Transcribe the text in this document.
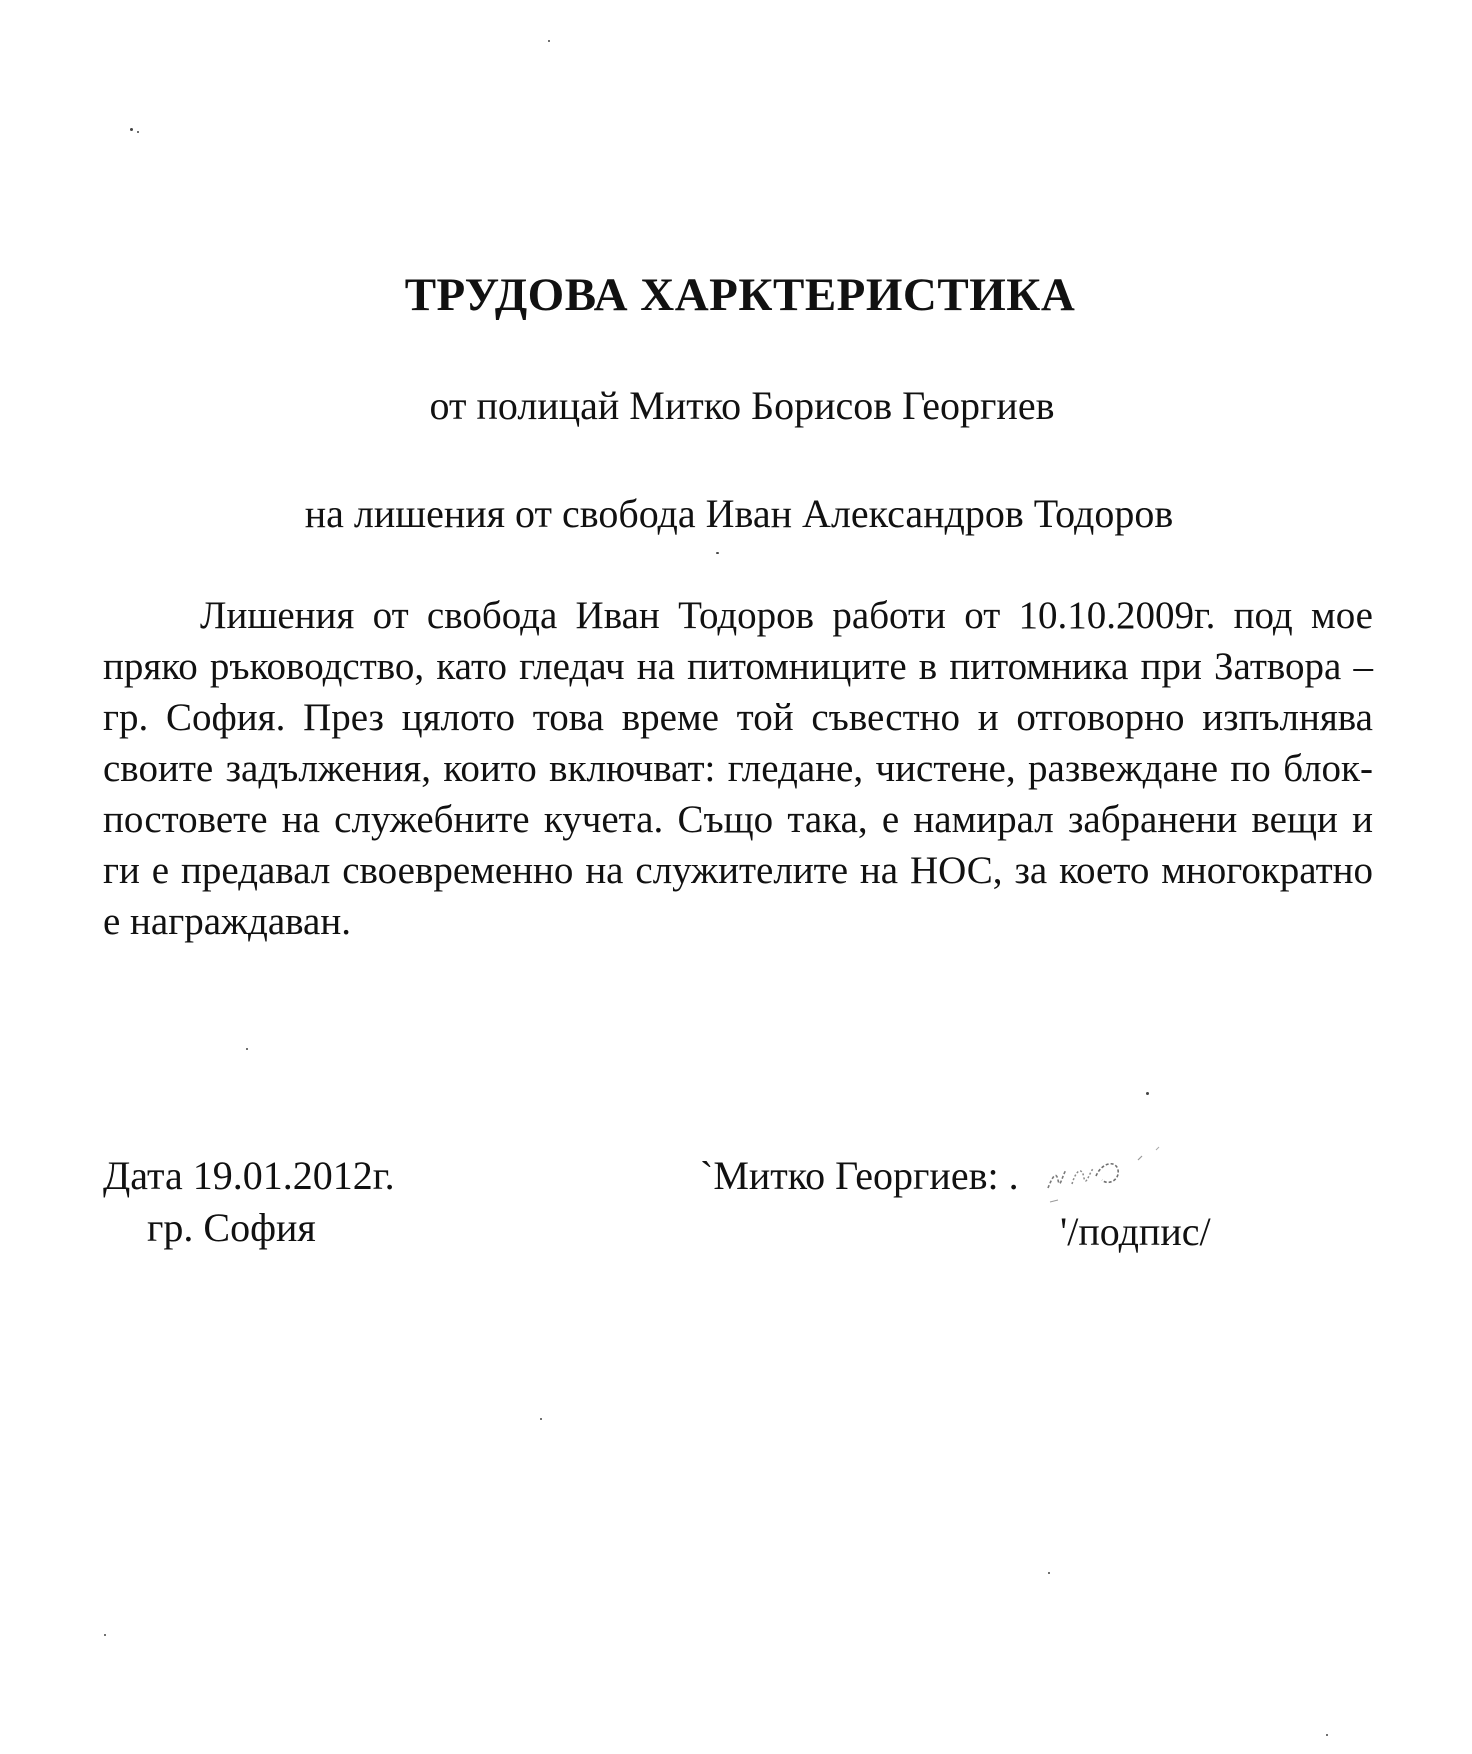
ТРУДОВА ХАРКТЕРИСТИКА
от полицай Митко Борисов Георгиев
на лишения от свобода Иван Александров Тодоров

Лишения от свобода Иван Тодоров работи от 10.10.2009г. под мое пряко ръководство, като гледач на питомниците в питомника при Затвора – гр. София. През цялото това време той съвестно и отговорно изпълнява своите задължения, които включват: гледане, чистене, развеждане по блок-постовете на служебните кучета. Също така, е намирал забранени вещи и ги е предавал своевременно на служителите на НОС, за което многократно е награждаван.

Дата 19.01.2012г.
гр. София
`Митко Георгиев: .
'/подпис/
